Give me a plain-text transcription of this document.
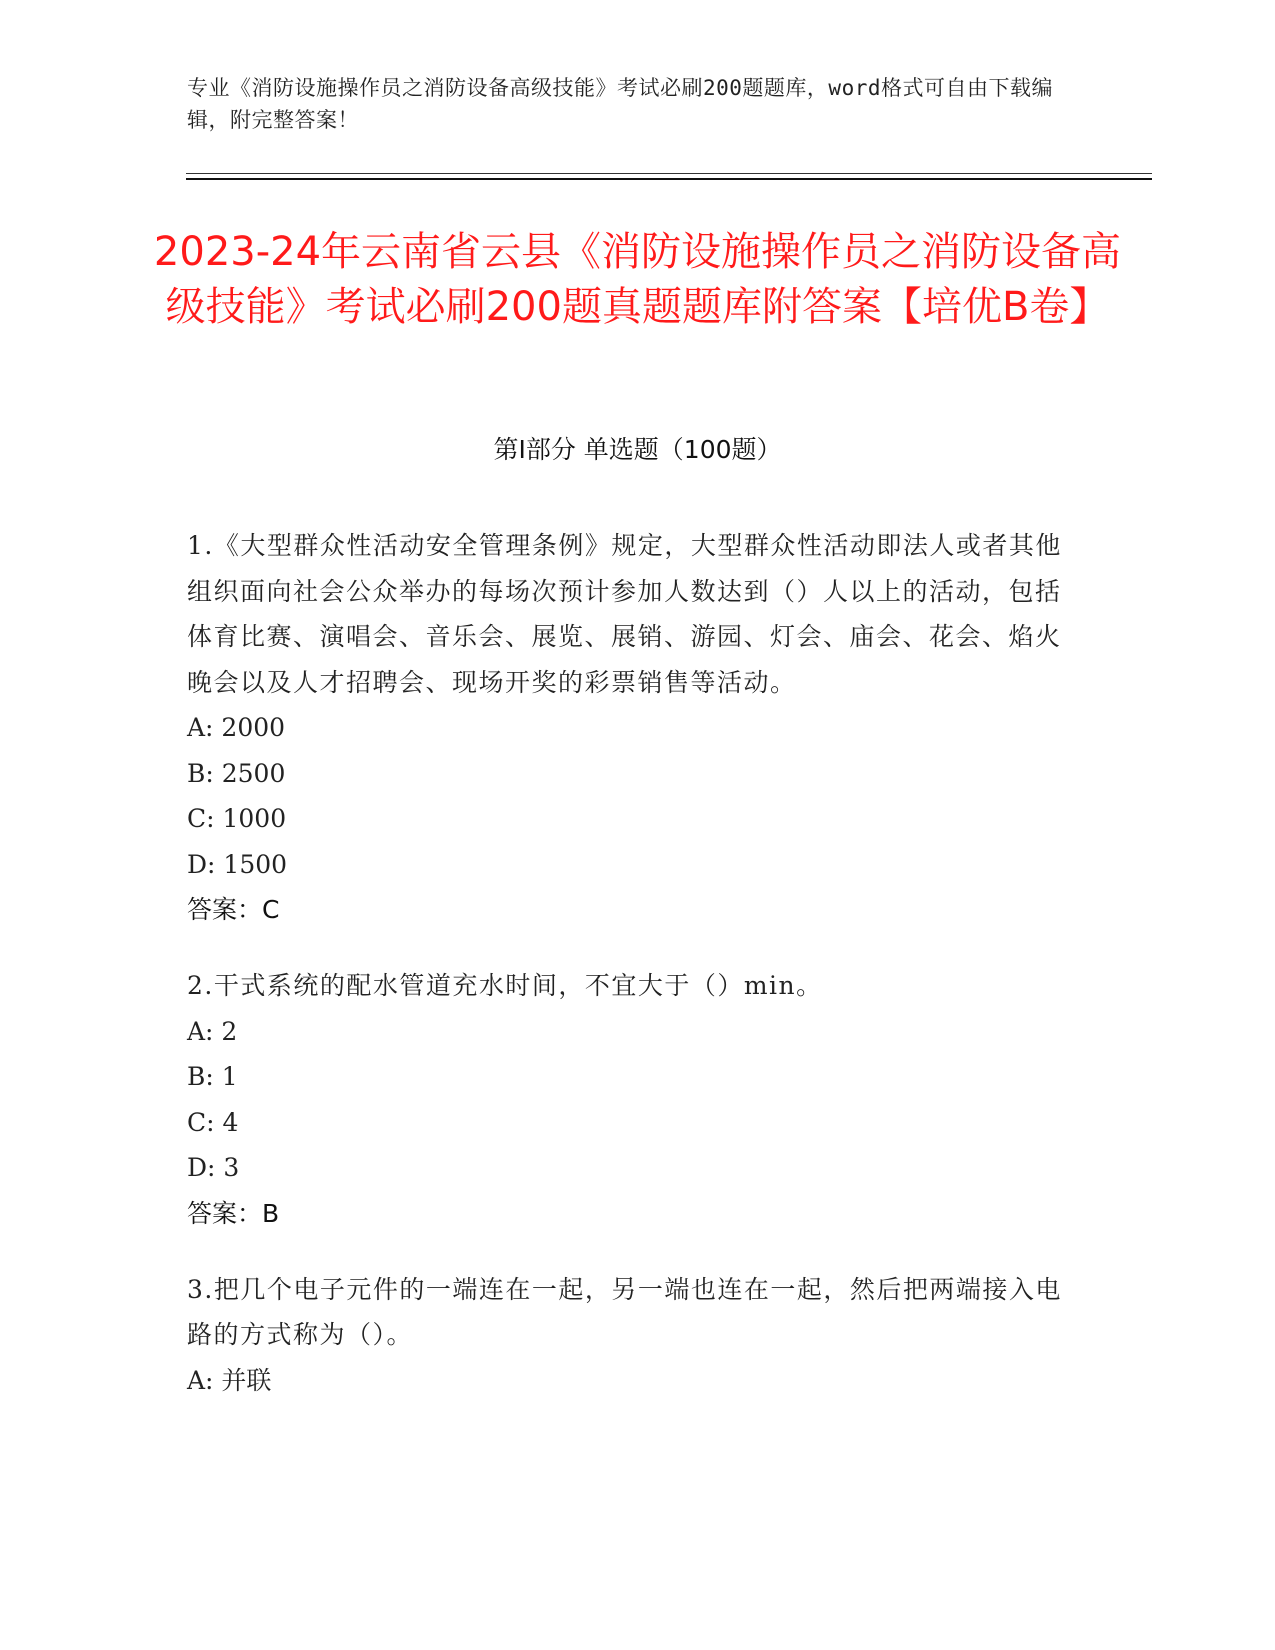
专业《消防设施操作员之消防设备高级技能》考试必刷200题题库，word格式可自由下载编辑，附完整答案！
2023-24年云南省云县《消防设施操作员之消防设备高级技能》考试必刷200题真题题库附答案【培优B卷】
第Ⅰ部分 单选题（100题）
1.《大型群众性活动安全管理条例》规定，大型群众性活动即法人或者其他组织面向社会公众举办的每场次预计参加人数达到（）人以上的活动，包括体育比赛、演唱会、音乐会、展览、展销、游园、灯会、庙会、花会、焰火晚会以及人才招聘会、现场开奖的彩票销售等活动。
A: 2000
B: 2500
C: 1000
D: 1500
答案：C
2.干式系统的配水管道充水时间，不宜大于（）min。
A: 2
B: 1
C: 4
D: 3
答案：B
3.把几个电子元件的一端连在一起，另一端也连在一起，然后把两端接入电路的方式称为（）。
A: 并联
